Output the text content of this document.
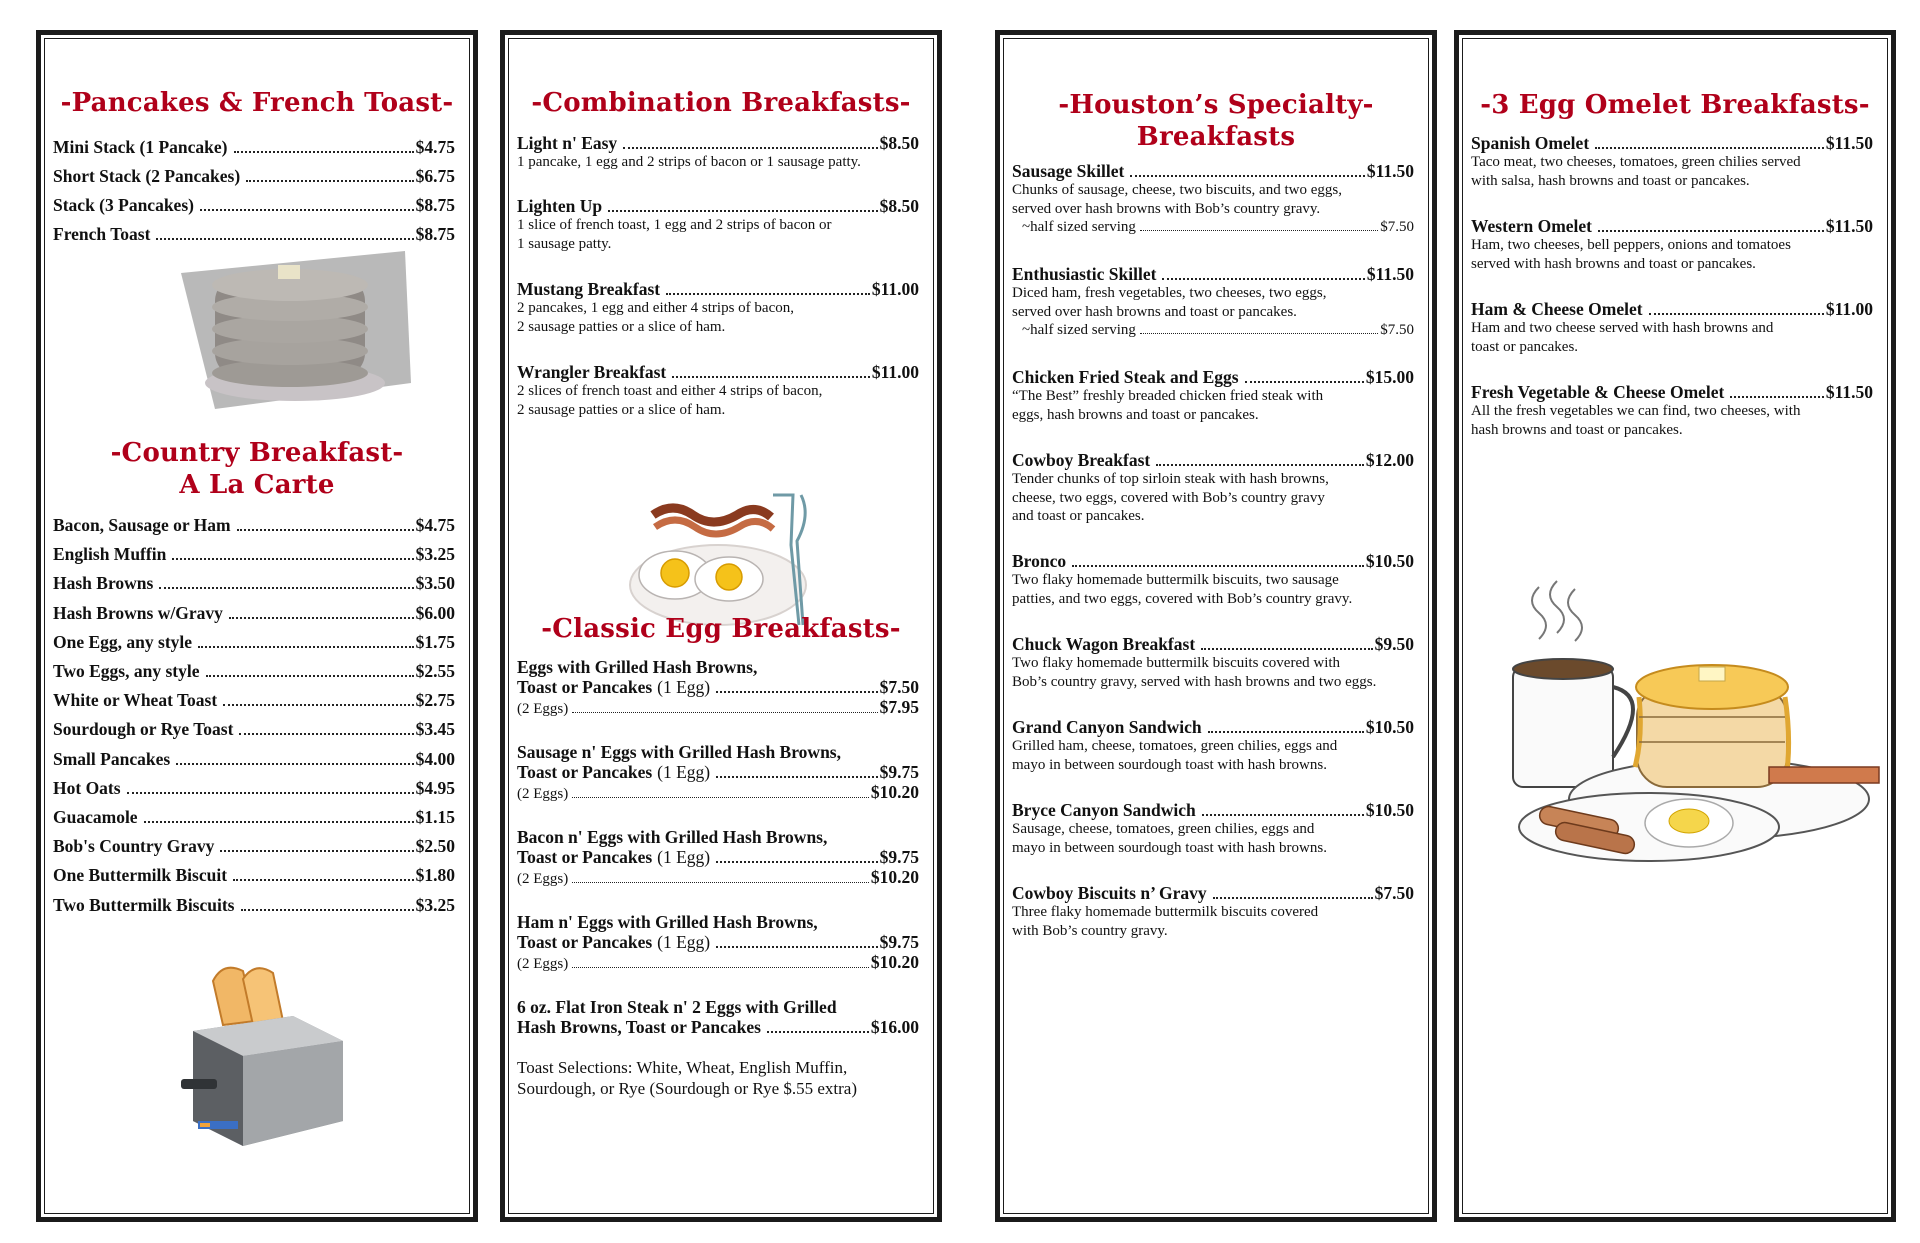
-Pancakes & French Toast-
Mini Stack (1 Pancake)	$4.75
Short Stack (2 Pancakes)	$6.75
Stack (3 Pancakes)	$8.75
French Toast	$8.75
-Country Breakfast-
A La Carte
Bacon, Sausage or Ham	$4.75
English Muffin	$3.25
Hash Browns	$3.50
Hash Browns w/Gravy	$6.00
One Egg, any style	$1.75
Two Eggs, any style	$2.55
White or Wheat Toast	$2.75
Sourdough or Rye Toast	$3.45
Small Pancakes	$4.00
Hot Oats	$4.95
Guacamole	$1.15
Bob's Country Gravy	$2.50
One Buttermilk Biscuit	$1.80
Two Buttermilk Biscuits	$3.25
-Combination Breakfasts-
Light n' Easy	$8.50
1 pancake, 1 egg and 2 strips of bacon or 1 sausage patty.
Lighten Up	$8.50
1 slice of french toast, 1 egg and 2 strips of bacon or
1 sausage patty.
Mustang Breakfast	$11.00
2 pancakes, 1 egg and either 4 strips of bacon,
2 sausage patties or a slice of ham.
Wrangler Breakfast	$11.00
2 slices of french toast and either 4 strips of bacon,
2 sausage patties or a slice of ham.
-Classic Egg Breakfasts-
Eggs with Grilled Hash Browns,
Toast or Pancakes (1 Egg)	$7.50
(2 Eggs)	$7.95
Sausage n' Eggs with Grilled Hash Browns,
Toast or Pancakes (1 Egg)	$9.75
(2 Eggs)	$10.20
Bacon n' Eggs with Grilled Hash Browns,
Toast or Pancakes (1 Egg)	$9.75
(2 Eggs)	$10.20
Ham n' Eggs with Grilled Hash Browns,
Toast or Pancakes (1 Egg)	$9.75
(2 Eggs)	$10.20
6 oz. Flat Iron Steak n' 2 Eggs with Grilled
Hash Browns, Toast or Pancakes	$16.00
Toast Selections: White, Wheat, English Muffin,
Sourdough, or Rye (Sourdough or Rye $.55 extra)
-Houston’s Specialty-
Breakfasts
Sausage Skillet	$11.50
Chunks of sausage, cheese, two biscuits, and two eggs,
served over hash browns with Bob’s country gravy.
~half sized serving	$7.50
Enthusiastic Skillet	$11.50
Diced ham, fresh vegetables, two cheeses, two eggs,
served over hash browns and toast or pancakes.
~half sized serving	$7.50
Chicken Fried Steak and Eggs	$15.00
“The Best” freshly breaded chicken fried steak with
eggs, hash browns and toast or pancakes.
Cowboy Breakfast	$12.00
Tender chunks of top sirloin steak with hash browns,
cheese, two eggs, covered with Bob’s country gravy
and toast or pancakes.
Bronco	$10.50
Two flaky homemade buttermilk biscuits, two sausage
patties, and two eggs, covered with Bob’s country gravy.
Chuck Wagon Breakfast	$9.50
Two flaky homemade buttermilk biscuits covered with
Bob’s country gravy, served with hash browns and two eggs.
Grand Canyon Sandwich	$10.50
Grilled ham, cheese, tomatoes, green chilies, eggs and
mayo in between sourdough toast with hash browns.
Bryce Canyon Sandwich	$10.50
Sausage, cheese, tomatoes, green chilies, eggs and
mayo in between sourdough toast with hash browns.
Cowboy Biscuits n’ Gravy	$7.50
Three flaky homemade buttermilk biscuits covered
with Bob’s country gravy.
-3 Egg Omelet Breakfasts-
Spanish Omelet	$11.50
Taco meat, two cheeses, tomatoes, green chilies served
with salsa, hash browns and toast or pancakes.
Western Omelet	$11.50
Ham, two cheeses, bell peppers, onions and tomatoes
served with hash browns and toast or pancakes.
Ham & Cheese Omelet	$11.00
Ham and two cheese served with hash browns and
toast or pancakes.
Fresh Vegetable & Cheese Omelet	$11.50
All the fresh vegetables we can find, two cheeses, with
hash browns and toast or pancakes.
